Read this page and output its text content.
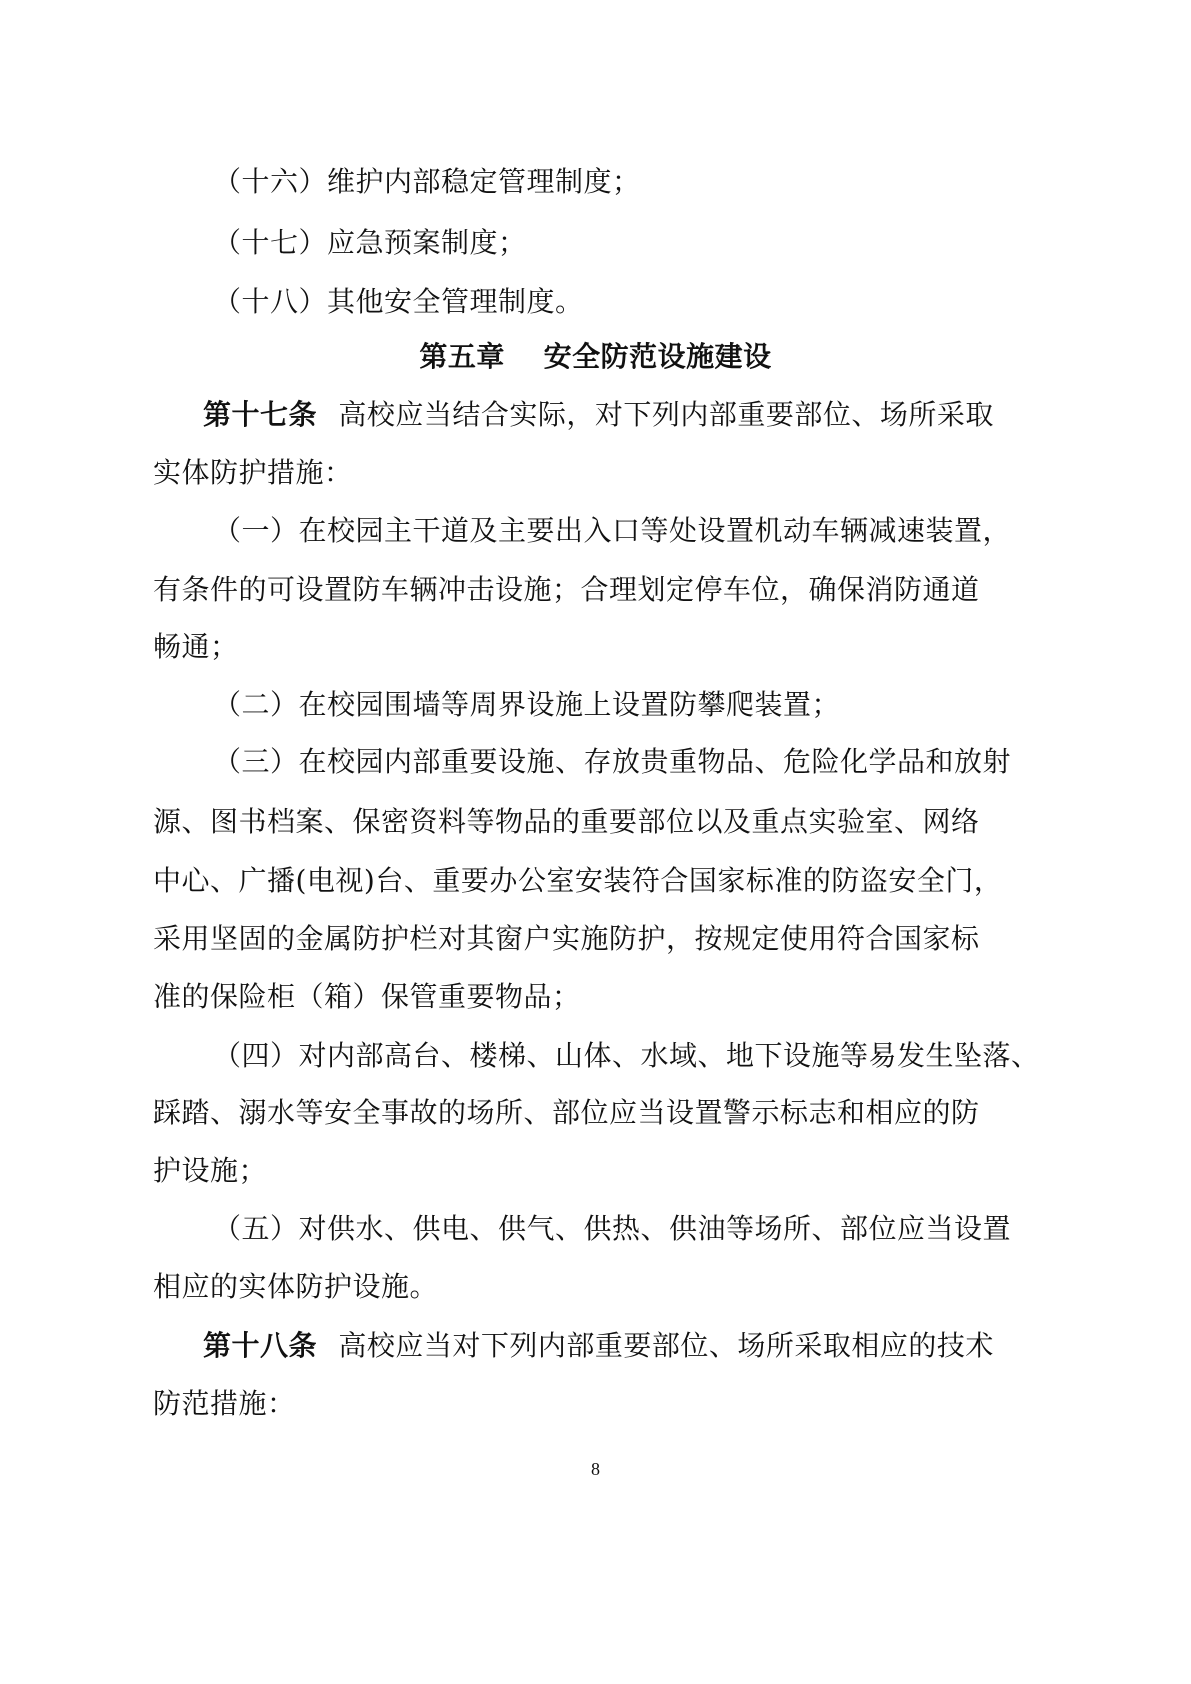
（十六）维护内部稳定管理制度；
（十七）应急预案制度；
（十八）其他安全管理制度。
第五章　 安全防范设施建设
第十七条 高校应当结合实际，对下列内部重要部位、场所采取
实体防护措施：
（一）在校园主干道及主要出入口等处设置机动车辆减速装置，
有条件的可设置防车辆冲击设施；合理划定停车位，确保消防通道
畅通；
（二）在校园围墙等周界设施上设置防攀爬装置；
（三）在校园内部重要设施、存放贵重物品、危险化学品和放射
源、图书档案、保密资料等物品的重要部位以及重点实验室、网络
中心、广播(电视)台、重要办公室安装符合国家标准的防盗安全门，
采用坚固的金属防护栏对其窗户实施防护，按规定使用符合国家标
准的保险柜（箱）保管重要物品；
（四）对内部高台、楼梯、山体、水域、地下设施等易发生坠落、
踩踏、溺水等安全事故的场所、部位应当设置警示标志和相应的防
护设施；
（五）对供水、供电、供气、供热、供油等场所、部位应当设置
相应的实体防护设施。
第十八条 高校应当对下列内部重要部位、场所采取相应的技术
防范措施：
8
